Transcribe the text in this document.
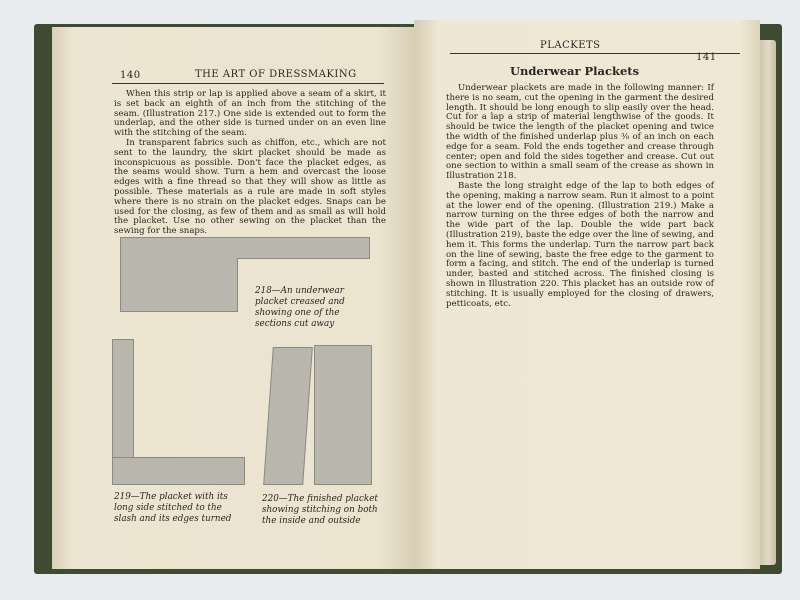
140	THE ART OF DRESSMAKING

When this strip or lap is applied above a seam of a skirt, it is set back an eighth of an inch from the stitching of the seam. (Illustration 217.) One side is extended out to form the underlap, and the other side is turned under on an even line with the stitching of the seam.

In transparent fabrics such as chiffon, etc., which are not sent to the laundry, the skirt placket should be made as inconspicuous as possible. Don't face the placket edges, as the seams would show. Turn a hem and overcast the loose edges with a fine thread so that they will show as little as possible. These materials as a rule are made in soft styles where there is no strain on the placket edges. Snaps can be used for the closing, as few of them and as small as will hold the placket. Use no other sewing on the placket than the sewing for the snaps.

218—An underwear placket creased and showing one of the sections cut away
219—The placket with its long side stitched to the slash and its edges turned
220—The finished placket showing stitching on both the inside and outside
PLACKETS
141
Underwear Plackets

Underwear plackets are made in the following manner: If there is no seam, cut the opening in the garment the desired length. It should be long enough to slip easily over the head. Cut for a lap a strip of material lengthwise of the goods. It should be twice the length of the placket opening and twice the width of the finished underlap plus ⅜ of an inch on each edge for a seam. Fold the ends together and crease through center; open and fold the sides together and crease. Cut out one section to within a small seam of the crease as shown in Illustration 218.

Baste the long straight edge of the lap to both edges of the opening, making a narrow seam. Run it almost to a point at the lower end of the opening. (Illustration 219.) Make a narrow turning on the three edges of both the narrow and the wide part of the lap. Double the wide part back (Illustration 219), baste the edge over the line of sewing, and hem it. This forms the underlap. Turn the narrow part back on the line of sewing, baste the free edge to the garment to form a facing, and stitch. The end of the underlap is turned under, basted and stitched across. The finished closing is shown in Illustration 220. This placket has an outside row of stitching. It is usually employed for the closing of drawers, petticoats, etc.
